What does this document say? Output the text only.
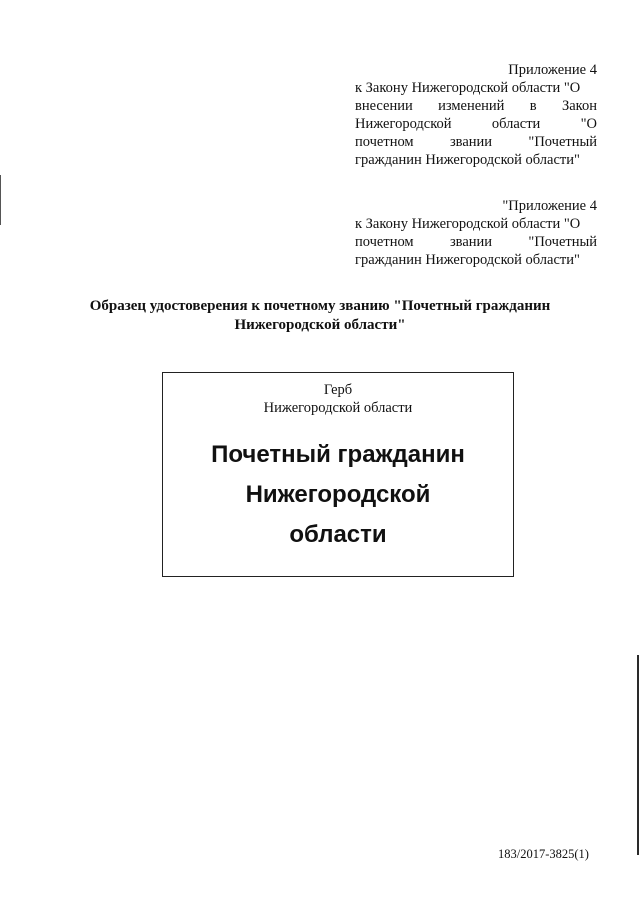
Приложение 4
к Закону Нижегородской области "О
внесении изменений в Закон
Нижегородской области "О
почетном звании "Почетный
гражданин Нижегородской области"
"Приложение 4
к Закону Нижегородской области "О
почетном звании "Почетный
гражданин Нижегородской области"
Образец удостоверения к почетному званию "Почетный гражданин
Нижегородской области"
Герб
Нижегородской области
Почетный гражданин
Нижегородской
области
183/2017-3825(1)
